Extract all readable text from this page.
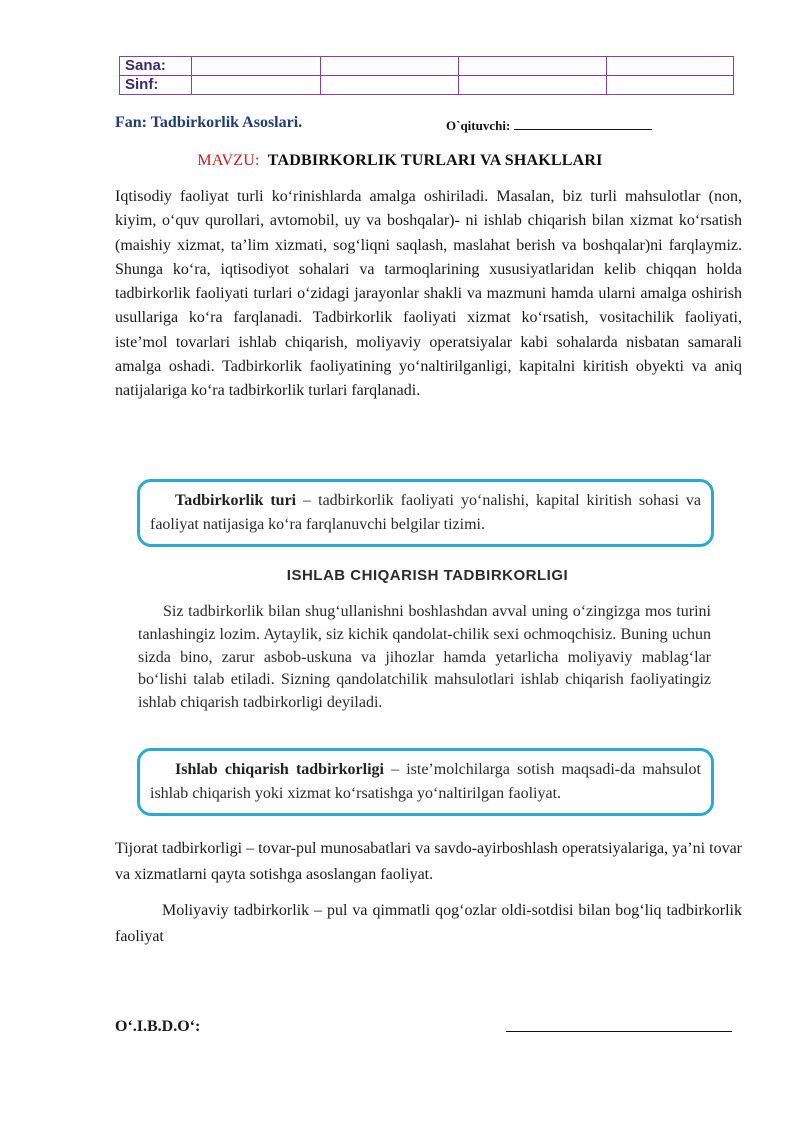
Sana:				
Sinf:				
Fan: Tadbirkorlik Asoslari.	O`qituvchi:
MAVZU: TADBIRKORLIK TURLARI VA SHAKLLARI

Iqtisodiy faoliyat turli ko‘rinishlarda amalga oshiriladi. Masalan, biz turli mahsulotlar (non, kiyim, o‘quv qurollari, avtomobil, uy va boshqalar)- ni ishlab chiqarish bilan xizmat ko‘rsatish (maishiy xizmat, ta’lim xizmati, sog‘liqni saqlash, maslahat berish va boshqalar)ni farqlaymiz. Shunga ko‘ra, iqtisodiyot sohalari va tarmoqlarining xususiyatlaridan kelib chiqqan holda tadbirkorlik faoliyati turlari o‘zidagi jarayonlar shakli va mazmuni hamda ularni amalga oshirish usullariga ko‘ra farqlanadi. Tadbirkorlik faoliyati xizmat ko‘rsatish, vositachilik faoliyati, iste’mol tovarlari ishlab chiqarish, moliyaviy operatsiyalar kabi sohalarda nisbatan samarali amalga oshadi. Tadbirkorlik faoliyatining yo‘naltirilganligi, kapitalni kiritish obyekti va aniq natijalariga ko‘ra tadbirkorlik turlari farqlanadi.

Tadbirkorlik turi – tadbirkorlik faoliyati yo‘nalishi, kapital kiritish sohasi va faoliyat natijasiga ko‘ra farqlanuvchi belgilar tizimi.
ISHLAB CHIQARISH TADBIRKORLIGI

Siz tadbirkorlik bilan shug‘ullanishni boshlashdan avval uning o‘zingizga mos turini tanlashingiz lozim. Aytaylik, siz kichik qandolat-chilik sexi ochmoqchisiz. Buning uchun sizda bino, zarur asbob-uskuna va jihozlar hamda yetarlicha moliyaviy mablag‘lar bo‘lishi talab etiladi. Sizning qandolatchilik mahsulotlari ishlab chiqarish faoliyatingiz ishlab chiqarish tadbirkorligi deyiladi.

Ishlab chiqarish tadbirkorligi – iste’molchilarga sotish maqsadi-da mahsulot ishlab chiqarish yoki xizmat ko‘rsatishga yo‘naltirilgan faoliyat.

Tijorat tadbirkorligi – tovar-pul munosabatlari va savdo-ayirboshlash operatsiyalariga, ya’ni tovar va xizmatlarni qayta sotishga asoslangan faoliyat.

Moliyaviy tadbirkorlik – pul va qimmatli qog‘ozlar oldi-sotdisi bilan bog‘liq tadbirkorlik faoliyat

O‘.I.B.D.O‘:
